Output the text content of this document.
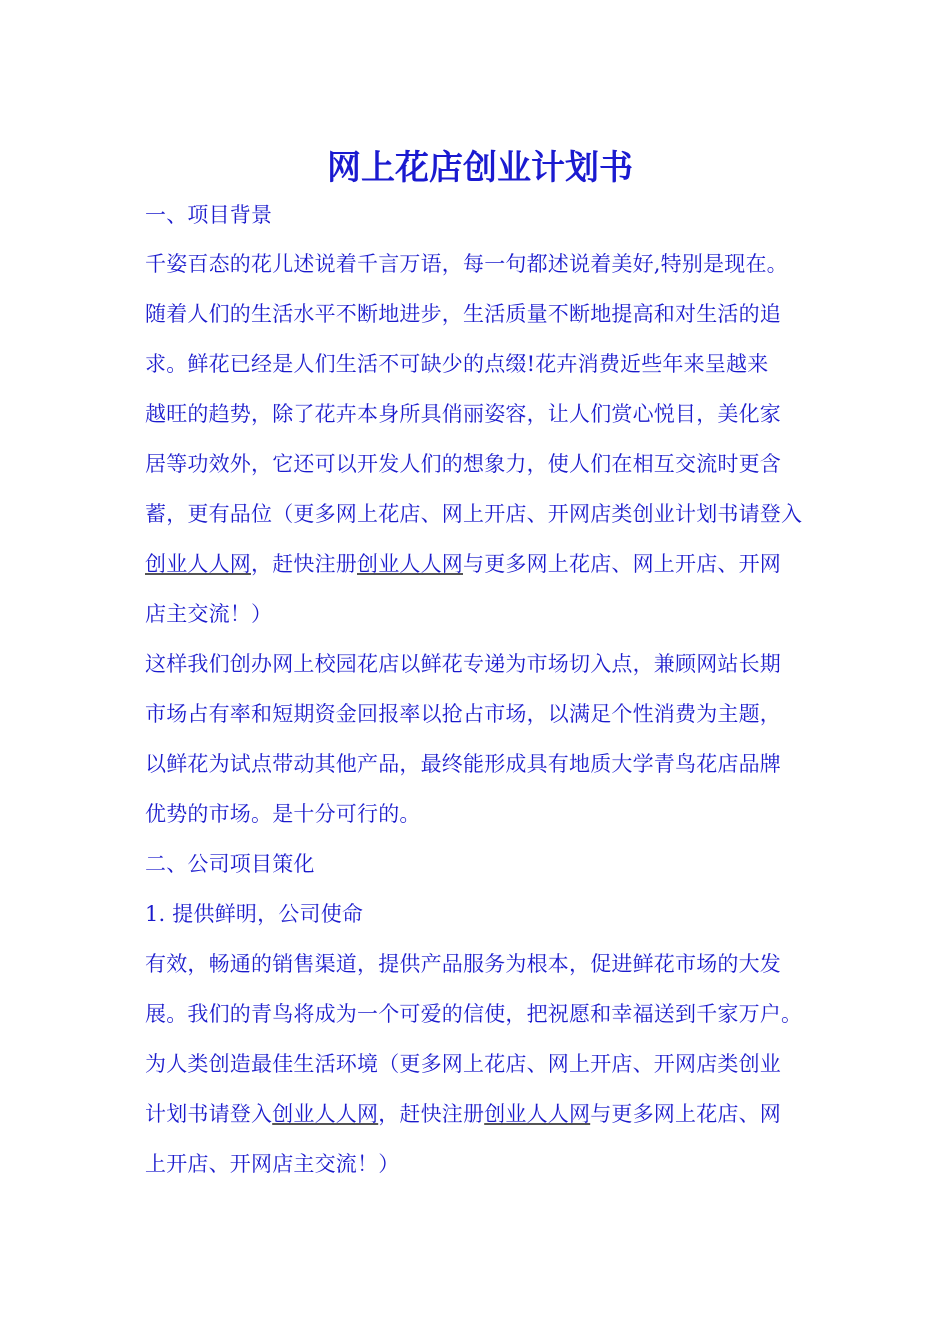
网上花店创业计划书
一、项目背景
千姿百态的花儿述说着千言万语，每一句都述说着美好,特别是现在。
随着人们的生活水平不断地进步，生活质量不断地提高和对生活的追
求。鲜花已经是人们生活不可缺少的点缀!花卉消费近些年来呈越来
越旺的趋势，除了花卉本身所具俏丽姿容，让人们赏心悦目，美化家
居等功效外，它还可以开发人们的想象力，使人们在相互交流时更含
蓄，更有品位（更多网上花店、网上开店、开网店类创业计划书请登入
创业人人网，赶快注册创业人人网与更多网上花店、网上开店、开网
店主交流！）
这样我们创办网上校园花店以鲜花专递为市场切入点，兼顾网站长期
市场占有率和短期资金回报率以抢占市场，以满足个性消费为主题，
以鲜花为试点带动其他产品，最终能形成具有地质大学青鸟花店品牌
优势的市场。是十分可行的。
二、公司项目策化
1. 提供鲜明，公司使命
有效，畅通的销售渠道，提供产品服务为根本，促进鲜花市场的大发
展。我们的青鸟将成为一个可爱的信使，把祝愿和幸福送到千家万户。
为人类创造最佳生活环境（更多网上花店、网上开店、开网店类创业
计划书请登入创业人人网，赶快注册创业人人网与更多网上花店、网
上开店、开网店主交流！）
